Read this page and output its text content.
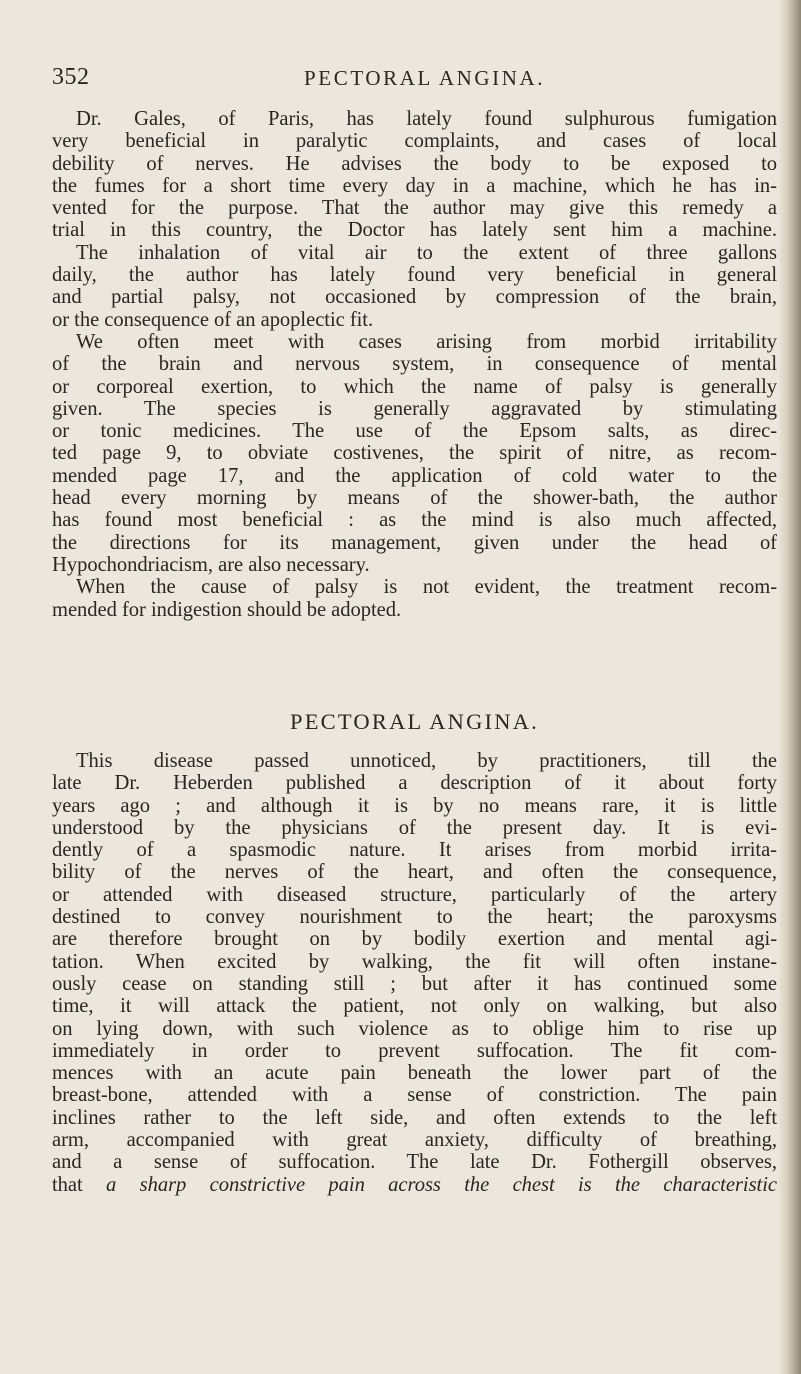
352	PECTORAL ANGINA.
Dr. Gales, of Paris, has lately found sulphurous fumigation
very beneficial in paralytic complaints, and cases of local
debility of nerves. He advises the body to be exposed to
the fumes for a short time every day in a machine, which he has in-
vented for the purpose. That the author may give this remedy a
trial in this country, the Doctor has lately sent him a machine.
The inhalation of vital air to the extent of three gallons
daily, the author has lately found very beneficial in general
and partial palsy, not occasioned by compression of the brain,
or the consequence of an apoplectic fit.
We often meet with cases arising from morbid irritability
of the brain and nervous system, in consequence of mental
or corporeal exertion, to which the name of palsy is generally
given. The species is generally aggravated by stimulating
or tonic medicines. The use of the Epsom salts, as direc-
ted page 9, to obviate costivenes, the spirit of nitre, as recom-
mended page 17, and the application of cold water to the
head every morning by means of the shower-bath, the author
has found most beneficial : as the mind is also much affected,
the directions for its management, given under the head of
Hypochondriacism, are also necessary.
When the cause of palsy is not evident, the treatment recom-
mended for indigestion should be adopted.
PECTORAL ANGINA.
This disease passed unnoticed, by practitioners, till the
late Dr. Heberden published a description of it about forty
years ago ; and although it is by no means rare, it is little
understood by the physicians of the present day. It is evi-
dently of a spasmodic nature. It arises from morbid irrita-
bility of the nerves of the heart, and often the consequence,
or attended with diseased structure, particularly of the artery
destined to convey nourishment to the heart; the paroxysms
are therefore brought on by bodily exertion and mental agi-
tation. When excited by walking, the fit will often instane-
ously cease on standing still ; but after it has continued some
time, it will attack the patient, not only on walking, but also
on lying down, with such violence as to oblige him to rise up
immediately in order to prevent suffocation. The fit com-
mences with an acute pain beneath the lower part of the
breast-bone, attended with a sense of constriction. The pain
inclines rather to the left side, and often extends to the left
arm, accompanied with great anxiety, difficulty of breathing,
and a sense of suffocation. The late Dr. Fothergill observes,
that a sharp constrictive pain across the chest is the characteristic
